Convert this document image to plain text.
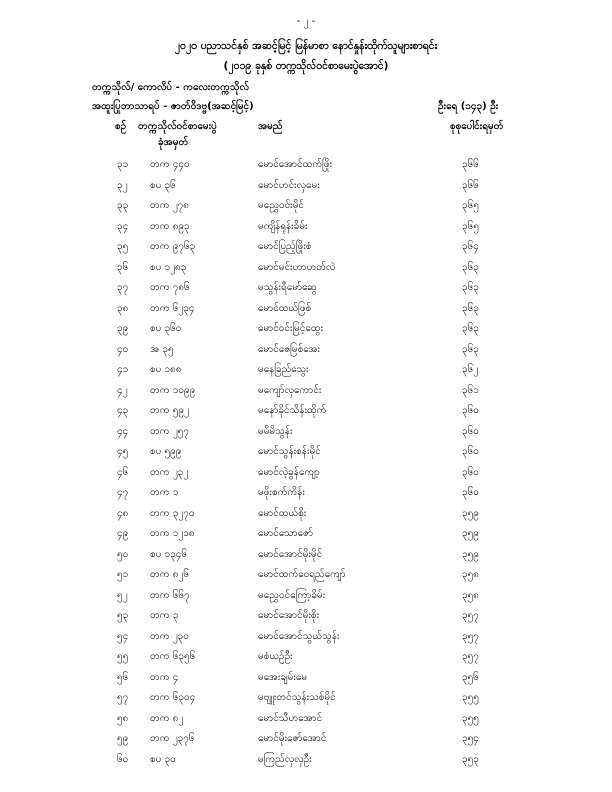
- ၂ -
၂၀၂၀ ပညာသင်နှစ် အဆင့်မြင့် မြန်မာစာ နောင်နှုန်းထိုက်သူများစာရင်း
(၂၀၁၉ ခုနှစ် တက္ကသိုလ်ဝင်စာမေးပွဲအောင်)
တက္ကသိုလ်/ ကောလိပ် - ကလေးတက္ကသိုလ်
အထူးပြုဘာသာရပ် - ဇာတ်ဝိဒဗ္ဗ(အဆင့်မြင့်)	ဦးရေ (၁၄၃) ဦး
စဉ် တက္ကသိုလ်ဝင်စာမေးပွဲ
ခုံအမှတ်
အမည်	စုစုပေါင်းရမှတ်
၃၁ တက ၄၄၀	မောင်အောင်ထက်ဖြိုး	၃၆၆
၃၂ စပ ၃၆	မောင်ဟင်းလှမေး	၃၆၆
၃၃ တက ၂၇၈	မညွှေဝင်းမိုင်	၃၆၅
၃၄ တက ၈၉၃	မကျိန်ရုန်းခိမ်း	၃၆၅
၃၅ တက ၉၇၆၃	မောင်ပြည့်ဖြိုးစံ	၃၆၄
၃၆ စပ ၁၂၈၃	မောင်မင်းဟာဟတ်လဲ	၃၆၃
၃၇ တက ၇၈၆	မသွန်းရီမော်ဆွေ	၃၆၃
၃၈ တက ၆၂၃၄	မောင်ထယ်ဖြစ်	၃၆၃
၃၉ စပ ၃၆၀	မောင်ဝင်းမြင့်ထွေး	၃၆၃
၄၀ အ ၃၅	မောင်ဇေမြစ်အေး	၃၆၃
၄၁ စပ ၁၈၈	မနေခြည်သွေး	၃၆၂
၄၂ တက ၁၀၉၉	မကျော်လှကောင်း	၃၆၁
၄၃ တက ၅၉၂	မနော်ခိုင်သိန်းထိုက်	၃၆၀
၄၄ တက ၂၅၇	မမိမိသွန်း	၃၆၀
၄၅ စပ ၅၉၉	မောင်သွန်းစန်းမိုင်	၃၆၀
၄၆ တက ၂၃၂	မောင်လဲ့ခွန်ကျော့	၃၆၀
၄၇ တက ၁	မဖိုးစက်ကိန်း	၃၆၀
၄၈ တက ၃၂၇၀	မောင်ထယ်စိုး	၃၅၉
၄၉ တက ၁၂၁၈	မောင်သောဇော်	၃၅၉
၅၀ စပ ၁၃၄၆	မောင်အောင်မိုးမိုင်	၃၅၉
၅၁ တက ၈၂၆	မောင်ထက်ဝေရည်ကျော်	၃၅၈
၅၂ တက ၆၆၇	မညွှေဝင်ကြော့ခိမ်း	၃၅၈
၅၃ တက ၃	မောင်အောင်မိုးစိုး	၃၅၇
၅၄ တက ၂၃၀	မောင်အောင်သွယ်သွန်း	၃၅၇
၅၅ တက ၆၃၅၆	မစံယဉ်ဦး	၃၅၇
၅၆ တက ၄	မအေးချမ်းမေ	၃၅၆
၅၇ တက ၆၃၀၄	မဗျူးတင်သွန်းသစ်မိုင်	၃၅၅
၅၈ တက ၈၂	မောင်သီဟအောင်	၃၅၅
၅၉ တက ၂၃၇၆	မောင်မိုးဇော်အောင်	၃၅၄
၆၀ စပ ၃၀	မကြည်လှလှဦး	၃၅၃
